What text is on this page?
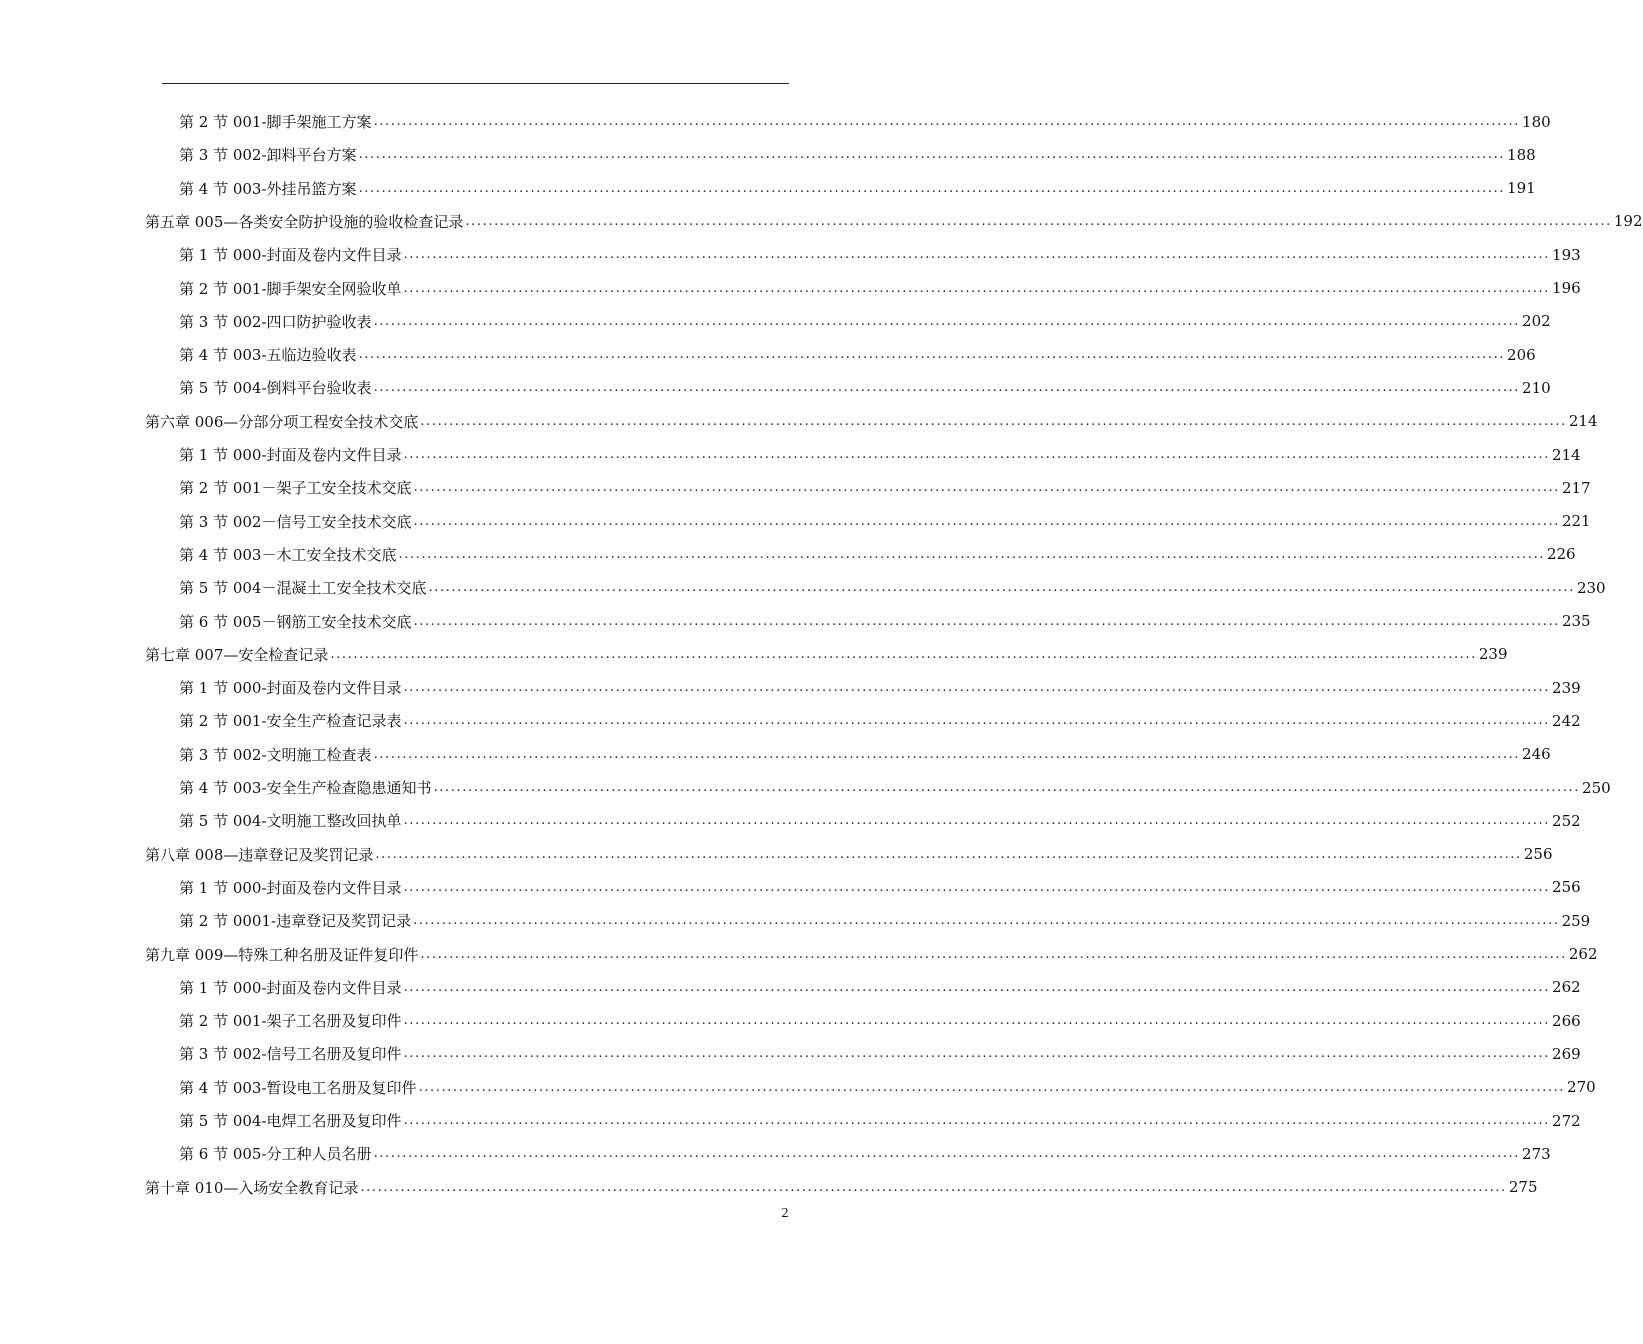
第 2 节 001-脚手架施工方案 ........................................................................................................................................................................................................ 180
第 3 节 002-卸料平台方案 ........................................................................................................................................................................................................ 188
第 4 节 003-外挂吊篮方案 ........................................................................................................................................................................................................ 191
第五章 005—各类安全防护设施的验收检查记录 ........................................................................................................................................................................................................ 192
第 1 节 000-封面及卷内文件目录 ........................................................................................................................................................................................................ 193
第 2 节 001-脚手架安全网验收单 ........................................................................................................................................................................................................ 196
第 3 节 002-四口防护验收表 ........................................................................................................................................................................................................ 202
第 4 节 003-五临边验收表 ........................................................................................................................................................................................................ 206
第 5 节 004-倒料平台验收表 ........................................................................................................................................................................................................ 210
第六章 006—分部分项工程安全技术交底 ........................................................................................................................................................................................................ 214
第 1 节 000-封面及卷内文件目录 ........................................................................................................................................................................................................ 214
第 2 节 001－架子工安全技术交底 ........................................................................................................................................................................................................ 217
第 3 节 002－信号工安全技术交底 ........................................................................................................................................................................................................ 221
第 4 节 003－木工安全技术交底 ........................................................................................................................................................................................................ 226
第 5 节 004－混凝土工安全技术交底 ........................................................................................................................................................................................................ 230
第 6 节 005－钢筋工安全技术交底 ........................................................................................................................................................................................................ 235
第七章 007—安全检查记录 ........................................................................................................................................................................................................ 239
第 1 节 000-封面及卷内文件目录 ........................................................................................................................................................................................................ 239
第 2 节 001-安全生产检查记录表 ........................................................................................................................................................................................................ 242
第 3 节 002-文明施工检查表 ........................................................................................................................................................................................................ 246
第 4 节 003-安全生产检查隐患通知书 ........................................................................................................................................................................................................ 250
第 5 节 004-文明施工整改回执单 ........................................................................................................................................................................................................ 252
第八章 008—违章登记及奖罚记录 ........................................................................................................................................................................................................ 256
第 1 节 000-封面及卷内文件目录 ........................................................................................................................................................................................................ 256
第 2 节 0001-违章登记及奖罚记录 ........................................................................................................................................................................................................ 259
第九章 009—特殊工种名册及证件复印件 ........................................................................................................................................................................................................ 262
第 1 节 000-封面及卷内文件目录 ........................................................................................................................................................................................................ 262
第 2 节 001-架子工名册及复印件 ........................................................................................................................................................................................................ 266
第 3 节 002-信号工名册及复印件 ........................................................................................................................................................................................................ 269
第 4 节 003-暂设电工名册及复印件 ........................................................................................................................................................................................................ 270
第 5 节 004-电焊工名册及复印件 ........................................................................................................................................................................................................ 272
第 6 节 005-分工种人员名册 ........................................................................................................................................................................................................ 273
第十章 010—入场安全教育记录 ........................................................................................................................................................................................................ 275
2
